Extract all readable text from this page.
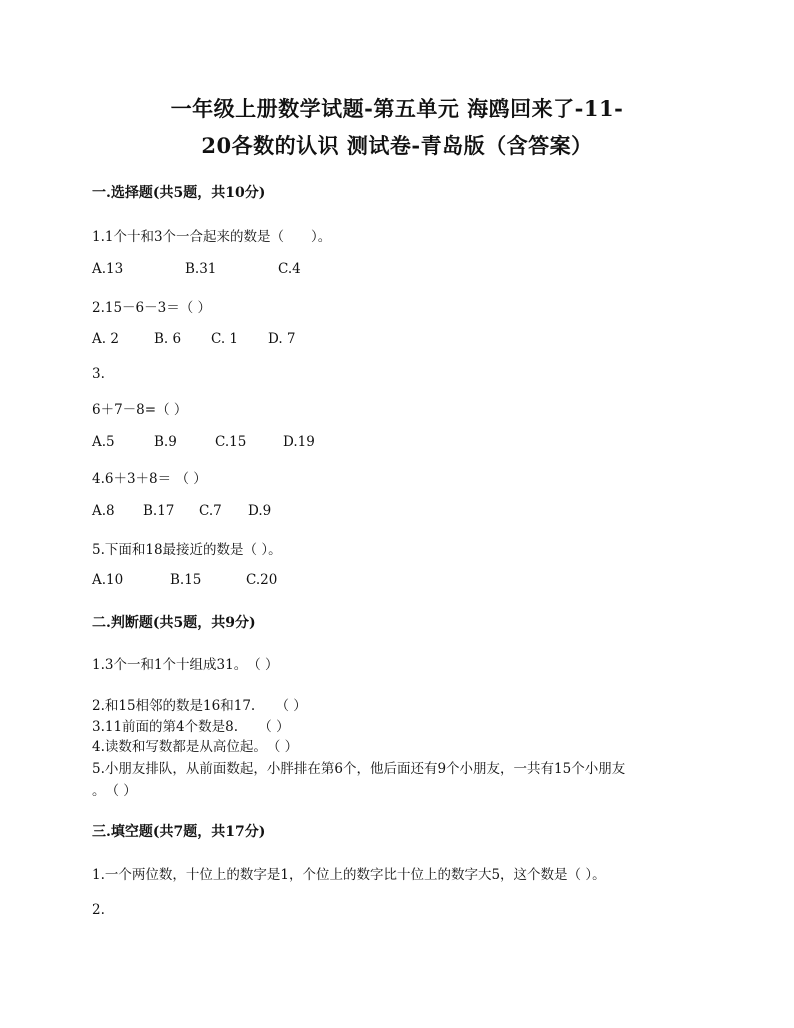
一年级上册数学试题-第五单元 海鸥回来了-11-
20各数的认识 测试卷-青岛版（含答案）
一.选择题(共5题，共10分)
1.1个十和3个一合起来的数是（　　）。
A.13	B.31	C.4
2.15－6－3＝（ ）
A. 2	B. 6 C. 1 D. 7
3.
6＋7－8=（ ）
A.5	B.9	C.15	D.19
4.6＋3＋8＝ （ ）
A.8 B.17 C.7 D.9
5.下面和18最接近的数是（ ）。
A.10	B.15	C.20
二.判断题(共5题，共9分)
1.3个一和1个十组成31。　（ ）
2.和15相邻的数是16和17.　　（ ）
3.11前面的第4个数是8.　　（ ）
4.读数和写数都是从高位起。　（ ）
5.小朋友排队，从前面数起，小胖排在第6个，他后面还有9个小朋友，一共有15个小朋友
。　（ ）
三.填空题(共7题，共17分)
1.一个两位数，十位上的数字是1，个位上的数字比十位上的数字大5，这个数是（ ）。
2.
